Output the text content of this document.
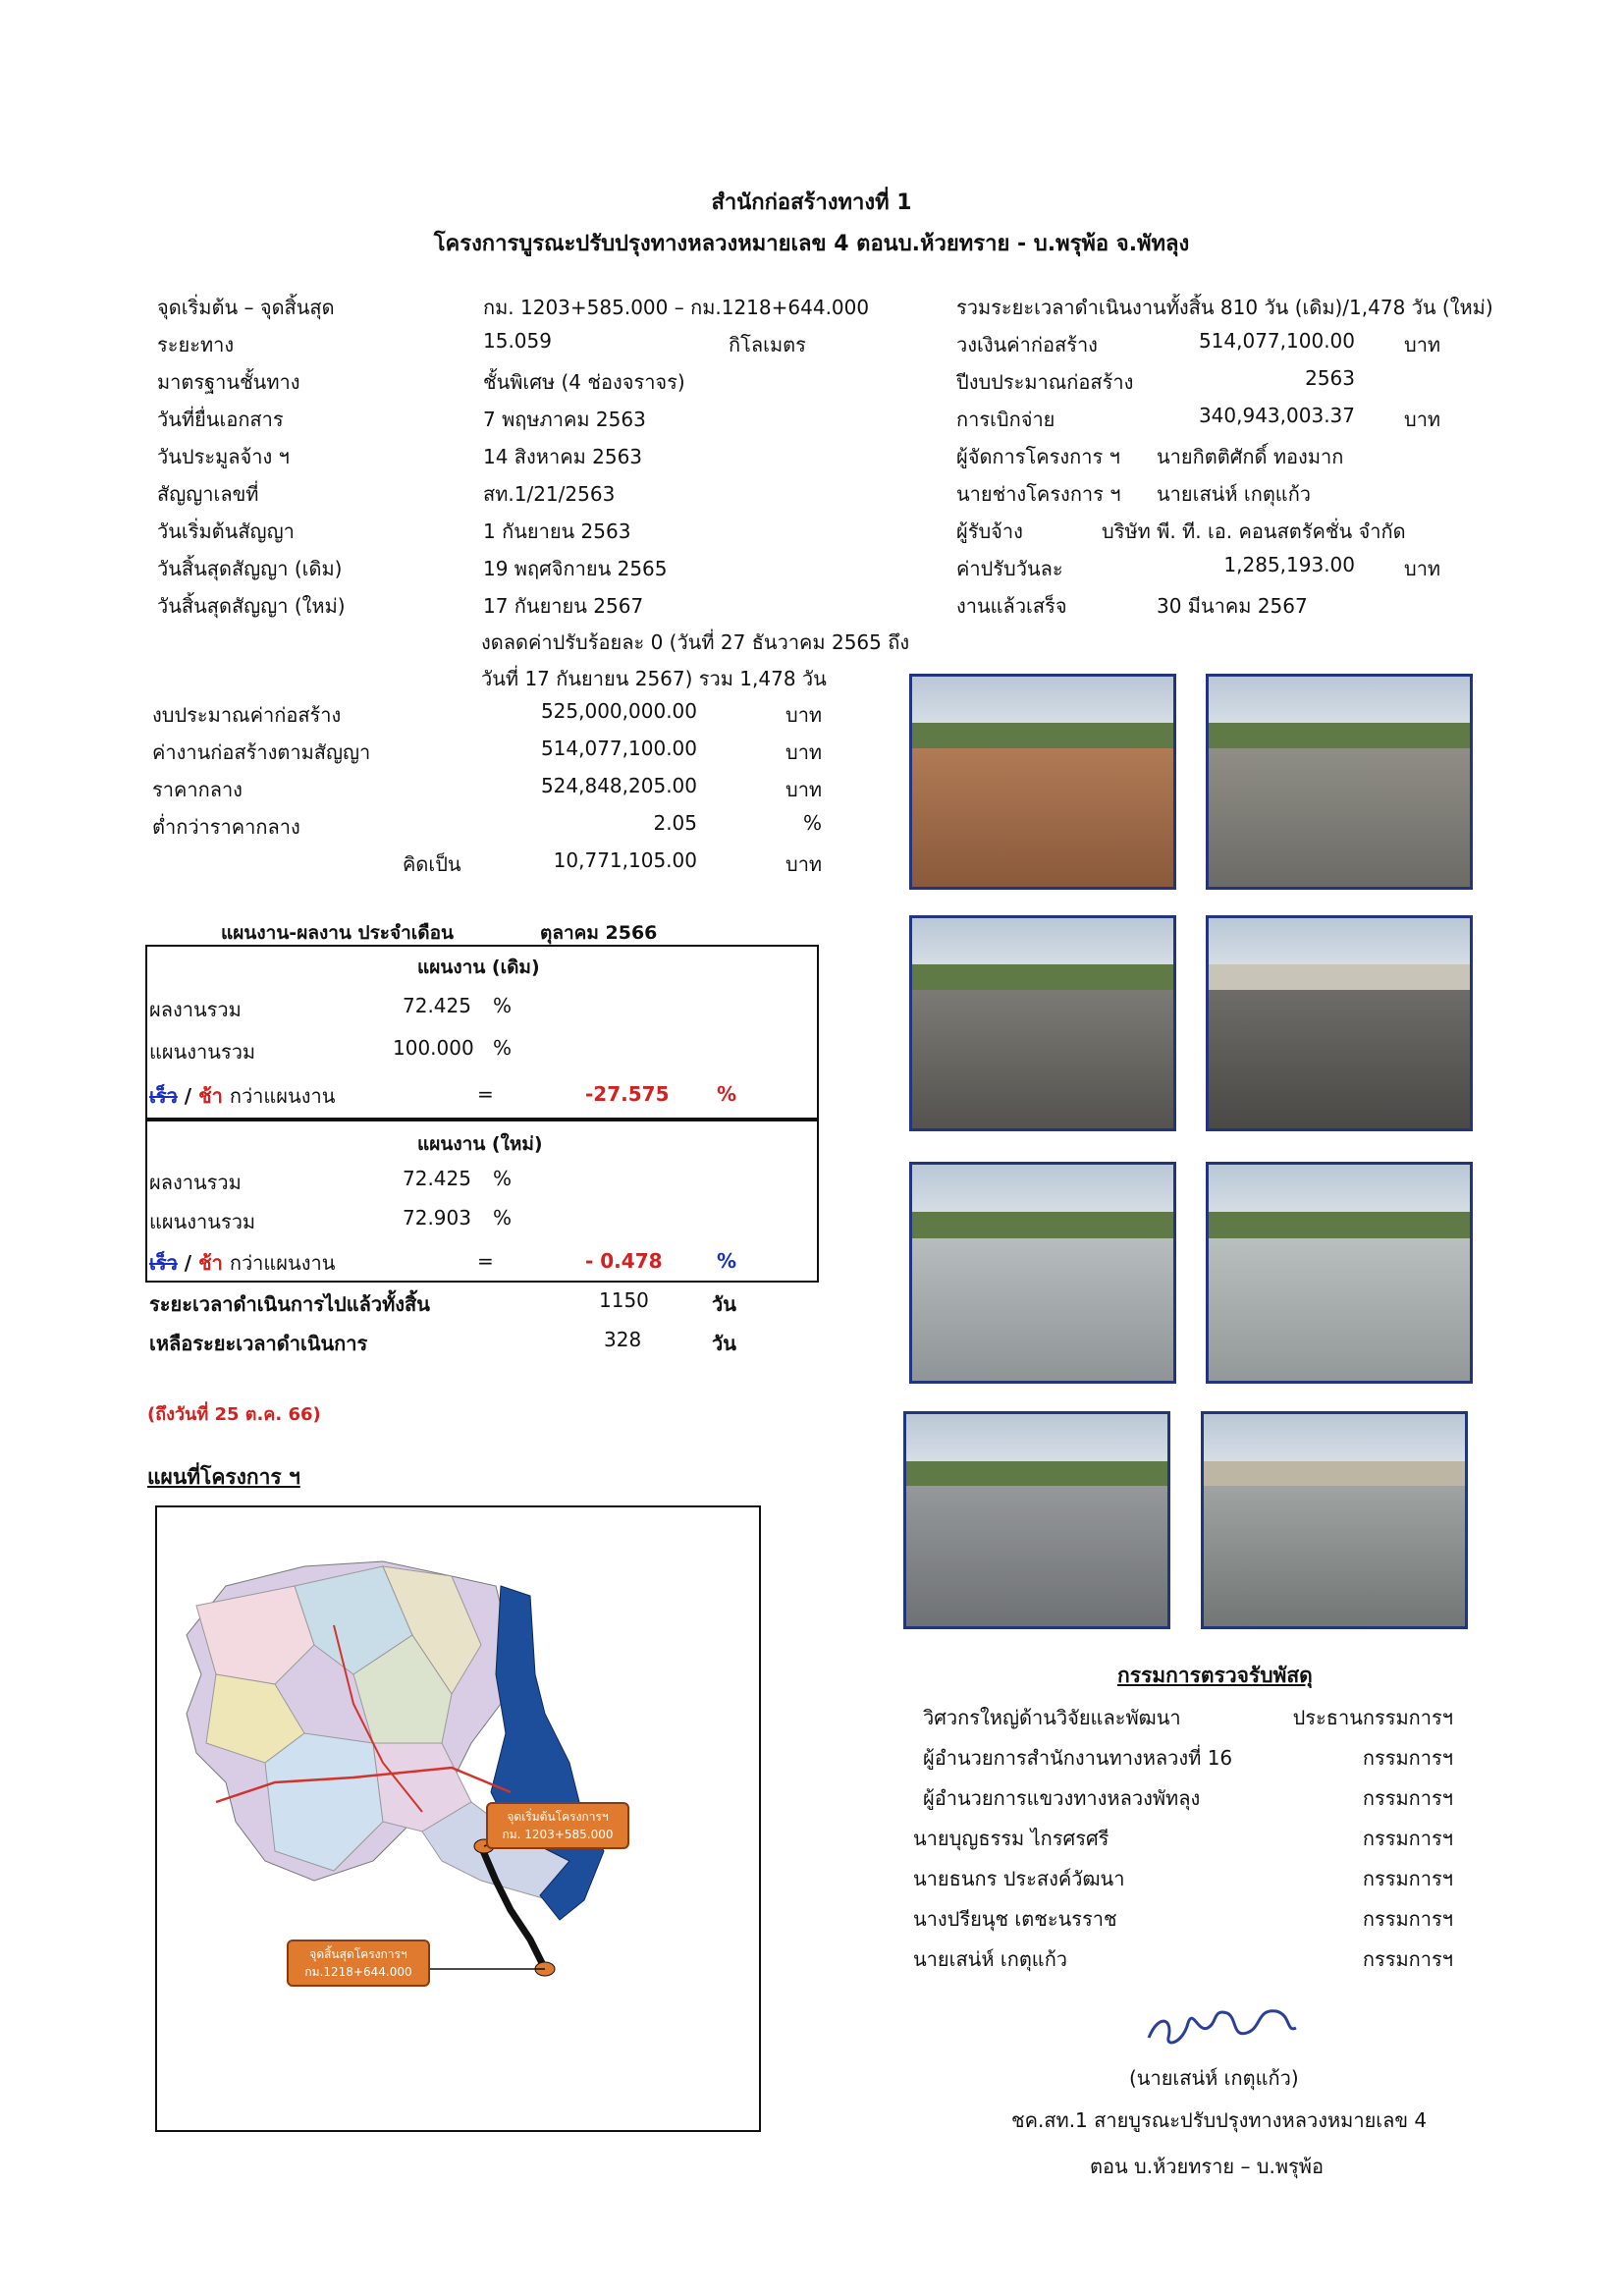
สำนักก่อสร้างทางที่ 1
โครงการบูรณะปรับปรุงทางหลวงหมายเลข 4 ตอนบ.ห้วยทราย - บ.พรุพ้อ จ.พัทลุง
จุดเริ่มต้น – จุดสิ้นสุด	กม. 1203+585.000 – กม.1218+644.000
ระยะทาง	15.059	กิโลเมตร
มาตรฐานชั้นทาง	ชั้นพิเศษ (4 ช่องจราจร)
วันที่ยื่นเอกสาร	7 พฤษภาคม 2563
วันประมูลจ้าง ฯ	14 สิงหาคม 2563
สัญญาเลขที่	สท.1/21/2563
วันเริ่มต้นสัญญา	1 กันยายน 2563
วันสิ้นสุดสัญญา (เดิม)	19 พฤศจิกายน 2565
วันสิ้นสุดสัญญา (ใหม่)	17 กันยายน 2567
งดลดค่าปรับร้อยละ 0 (วันที่ 27 ธันวาคม 2565 ถึง
วันที่ 17 กันยายน 2567) รวม 1,478 วัน
รวมระยะเวลาดำเนินงานทั้งสิ้น 810 วัน (เดิม)/1,478 วัน (ใหม่)
วงเงินค่าก่อสร้าง	514,077,100.00	บาท
ปีงบประมาณก่อสร้าง	2563
การเบิกจ่าย	340,943,003.37	บาท
ผู้จัดการโครงการ ฯ นายกิตติศักดิ์ ทองมาก
นายช่างโครงการ ฯ นายเสน่ห์ เกตุแก้ว
ผู้รับจ้าง	บริษัท พี. ที. เอ. คอนสตรัคชั่น จำกัด
ค่าปรับวันละ	1,285,193.00	บาท
งานแล้วเสร็จ	30 มีนาคม 2567
งบประมาณค่าก่อสร้าง	525,000,000.00	บาท
ค่างานก่อสร้างตามสัญญา	514,077,100.00	บาท
ราคากลาง	524,848,205.00	บาท
ต่ำกว่าราคากลาง	2.05	%
คิดเป็น	10,771,105.00	บาท
แผนงาน-ผลงาน ประจำเดือน	ตุลาคม 2566
แผนงาน (เดิม)
ผลงานรวม	72.425 %
แผนงานรวม	100.000 %
เร็ว / ช้า กว่าแผนงาน	=	-27.575 %
แผนงาน (ใหม่)
ผลงานรวม	72.425 %
แผนงานรวม	72.903 %
เร็ว / ช้า กว่าแผนงาน	=	- 0.478	%
ระยะเวลาดำเนินการไปแล้วทั้งสิ้น	1150	วัน
เหลือระยะเวลาดำเนินการ	328	วัน
(ถึงวันที่ 25 ต.ค. 66)
แผนที่โครงการ ฯ
จุดเริ่มต้นโครงการฯ
กม. 1203+585.000
จุดสิ้นสุดโครงการฯ
กม.1218+644.000
กรรมการตรวจรับพัสดุ
วิศวกรใหญ่ด้านวิจัยและพัฒนา	ประธานกรรมการฯ
ผู้อำนวยการสำนักงานทางหลวงที่ 16	กรรมการฯ
ผู้อำนวยการแขวงทางหลวงพัทลุง	กรรมการฯ
นายบุญธรรม ไกรศรศรี	กรรมการฯ
นายธนกร ประสงค์วัฒนา	กรรมการฯ
นางปรียนุช เตชะนรราช	กรรมการฯ
นายเสน่ห์ เกตุแก้ว	กรรมการฯ
(นายเสน่ห์ เกตุแก้ว)
ชค.สท.1 สายบูรณะปรับปรุงทางหลวงหมายเลข 4
ตอน บ.ห้วยทราย – บ.พรุพ้อ
